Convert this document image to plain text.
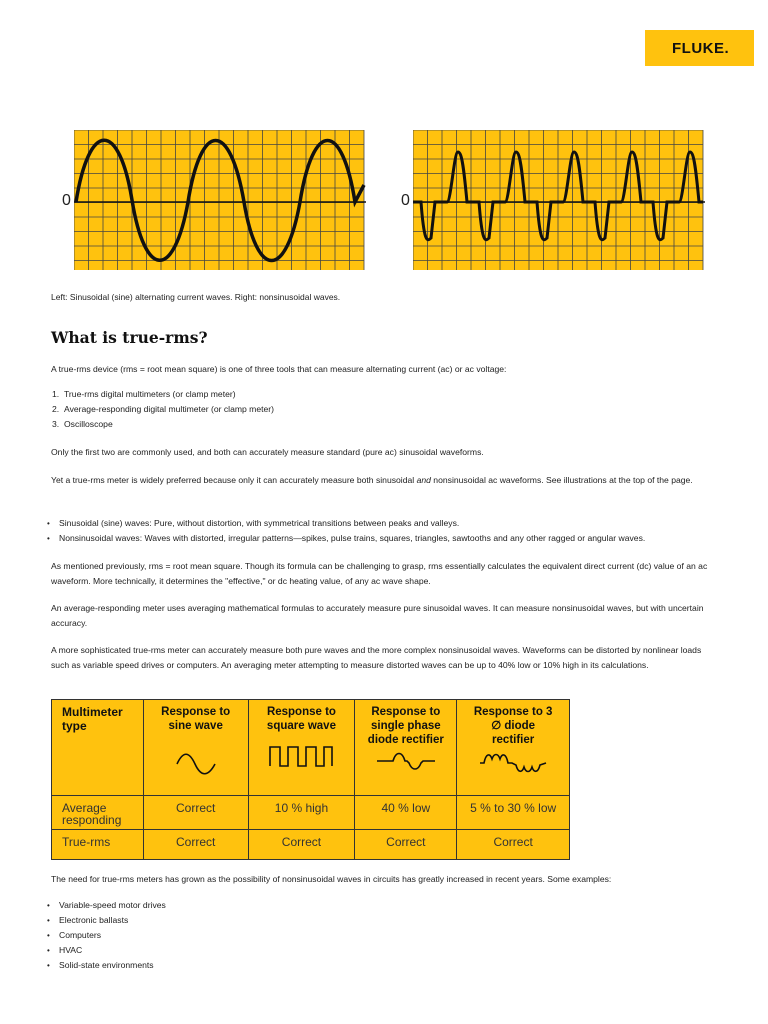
FLUKE.
0	0
Left: Sinusoidal (sine) alternating current waves. Right: nonsinusoidal waves.
What is true-rms?

A true-rms device (rms = root mean square) is one of three tools that can measure alternating current (ac) or ac voltage:

1. True-rms digital multimeters (or clamp meter)
2. Average-responding digital multimeter (or clamp meter)
3. Oscilloscope

Only the first two are commonly used, and both can accurately measure standard (pure ac) sinusoidal waveforms.

Yet a true-rms meter is widely preferred because only it can accurately measure both sinusoidal and nonsinusoidal ac waveforms. See illustrations at the top of the page.

• Sinusoidal (sine) waves: Pure, without distortion, with symmetrical transitions between peaks and valleys.
• Nonsinusoidal waves: Waves with distorted, irregular patterns—spikes, pulse trains, squares, triangles, sawtooths and any other ragged or angular waves.

As mentioned previously, rms = root mean square. Though its formula can be challenging to grasp, rms essentially calculates the equivalent direct current (dc) value of an ac waveform. More technically, it determines the "effective," or dc heating value, of any ac wave shape.

An average-responding meter uses averaging mathematical formulas to accurately measure pure sinusoidal waves. It can measure nonsinusoidal waves, but with uncertain accuracy.

A more sophisticated true-rms meter can accurately measure both pure waves and the more complex nonsinusoidal waves. Waveforms can be distorted by nonlinear loads such as variable speed drives or computers. An averaging meter attempting to measure distorted waves can be up to 40% low or 10% high in its calculations.

Multimeter type	Response to sine wave	Response to square wave	Response to single phase diode rectifier	Response to 3 ∅ diode rectifier

Average responding	Correct	10 % high	40 % low	5 % to 30 % low
True-rms	Correct	Correct	Correct	Correct

The need for true-rms meters has grown as the possibility of nonsinusoidal waves in circuits has greatly increased in recent years. Some examples:

• Variable-speed motor drives
• Electronic ballasts
• Computers
• HVAC
• Solid-state environments
